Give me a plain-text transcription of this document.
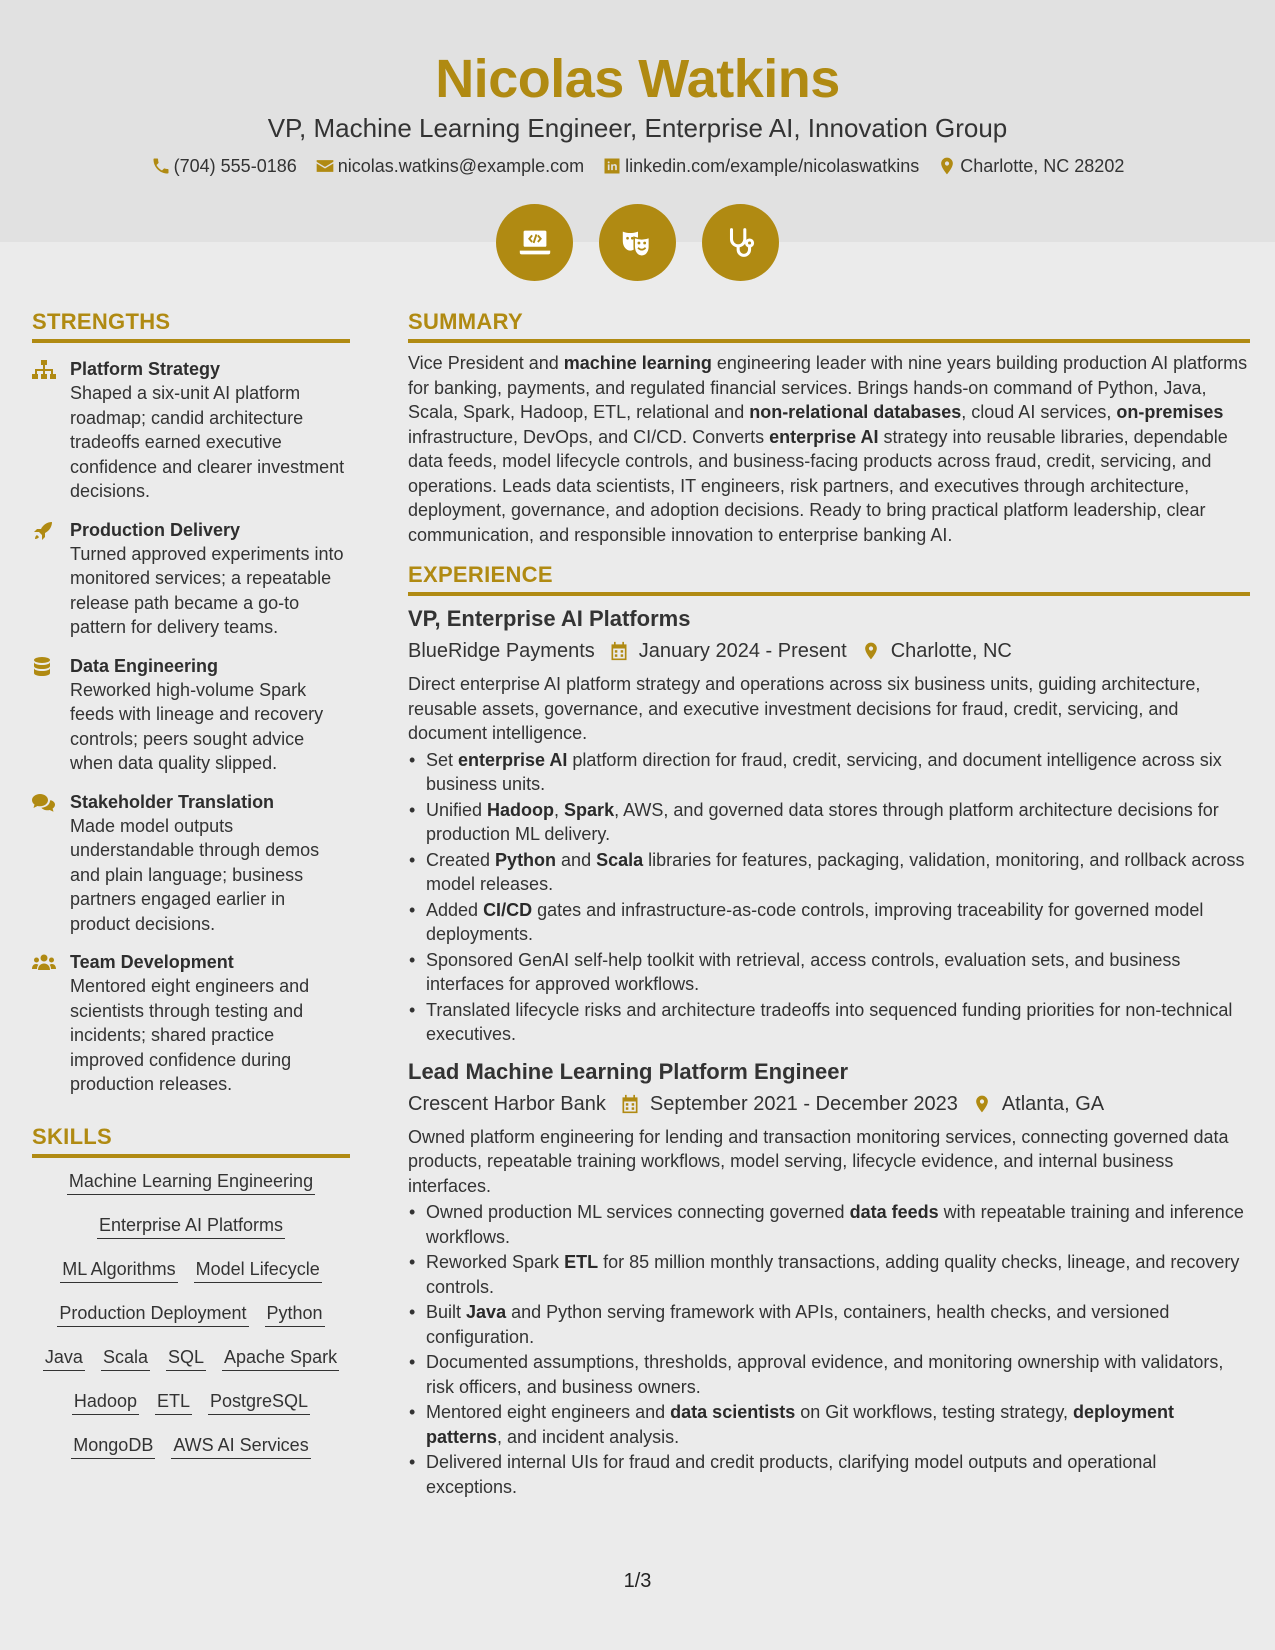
Nicolas Watkins
VP, Machine Learning Engineer, Enterprise AI, Innovation Group
(704) 555-0186 nicolas.watkins@example.com linkedin.com/example/nicolaswatkins Charlotte, NC 28202
STRENGTHS
Platform Strategy
Shaped a six-unit AI platform roadmap; candid architecture tradeoffs earned executive confidence and clearer investment decisions.
Production Delivery
Turned approved experiments into monitored services; a repeatable release path became a go-to pattern for delivery teams.
Data Engineering
Reworked high-volume Spark feeds with lineage and recovery controls; peers sought advice when data quality slipped.
Stakeholder Translation
Made model outputs understandable through demos and plain language; business partners engaged earlier in product decisions.
Team Development
Mentored eight engineers and scientists through testing and incidents; shared practice improved confidence during production releases.
SKILLS
Machine Learning Engineering
Enterprise AI Platforms
ML Algorithms Model Lifecycle
Production Deployment Python
Java Scala SQL Apache Spark
Hadoop ETL PostgreSQL
MongoDB AWS AI Services
SUMMARY
Vice President and machine learning engineering leader with nine years building production AI platforms for banking, payments, and regulated financial services. Brings hands-on command of Python, Java, Scala, Spark, Hadoop, ETL, relational and non-relational databases, cloud AI services, on-premises infrastructure, DevOps, and CI/CD. Converts enterprise AI strategy into reusable libraries, dependable data feeds, model lifecycle controls, and business-facing products across fraud, credit, servicing, and operations. Leads data scientists, IT engineers, risk partners, and executives through architecture, deployment, governance, and adoption decisions. Ready to bring practical platform leadership, clear communication, and responsible innovation to enterprise banking AI.
EXPERIENCE
VP, Enterprise AI Platforms
BlueRidge Payments January 2024 - Present Charlotte, NC
Direct enterprise AI platform strategy and operations across six business units, guiding architecture, reusable assets, governance, and executive investment decisions for fraud, credit, servicing, and document intelligence.
• Set enterprise AI platform direction for fraud, credit, servicing, and document intelligence across six business units.
• Unified Hadoop, Spark, AWS, and governed data stores through platform architecture decisions for production ML delivery.
• Created Python and Scala libraries for features, packaging, validation, monitoring, and rollback across model releases.
• Added CI/CD gates and infrastructure-as-code controls, improving traceability for governed model deployments.
• Sponsored GenAI self-help toolkit with retrieval, access controls, evaluation sets, and business interfaces for approved workflows.
• Translated lifecycle risks and architecture tradeoffs into sequenced funding priorities for non-technical executives.
Lead Machine Learning Platform Engineer
Crescent Harbor Bank September 2021 - December 2023 Atlanta, GA
Owned platform engineering for lending and transaction monitoring services, connecting governed data products, repeatable training workflows, model serving, lifecycle evidence, and internal business interfaces.
• Owned production ML services connecting governed data feeds with repeatable training and inference workflows.
• Reworked Spark ETL for 85 million monthly transactions, adding quality checks, lineage, and recovery controls.
• Built Java and Python serving framework with APIs, containers, health checks, and versioned configuration.
• Documented assumptions, thresholds, approval evidence, and monitoring ownership with validators, risk officers, and business owners.
• Mentored eight engineers and data scientists on Git workflows, testing strategy, deployment patterns, and incident analysis.
• Delivered internal UIs for fraud and credit products, clarifying model outputs and operational exceptions.
1/3
